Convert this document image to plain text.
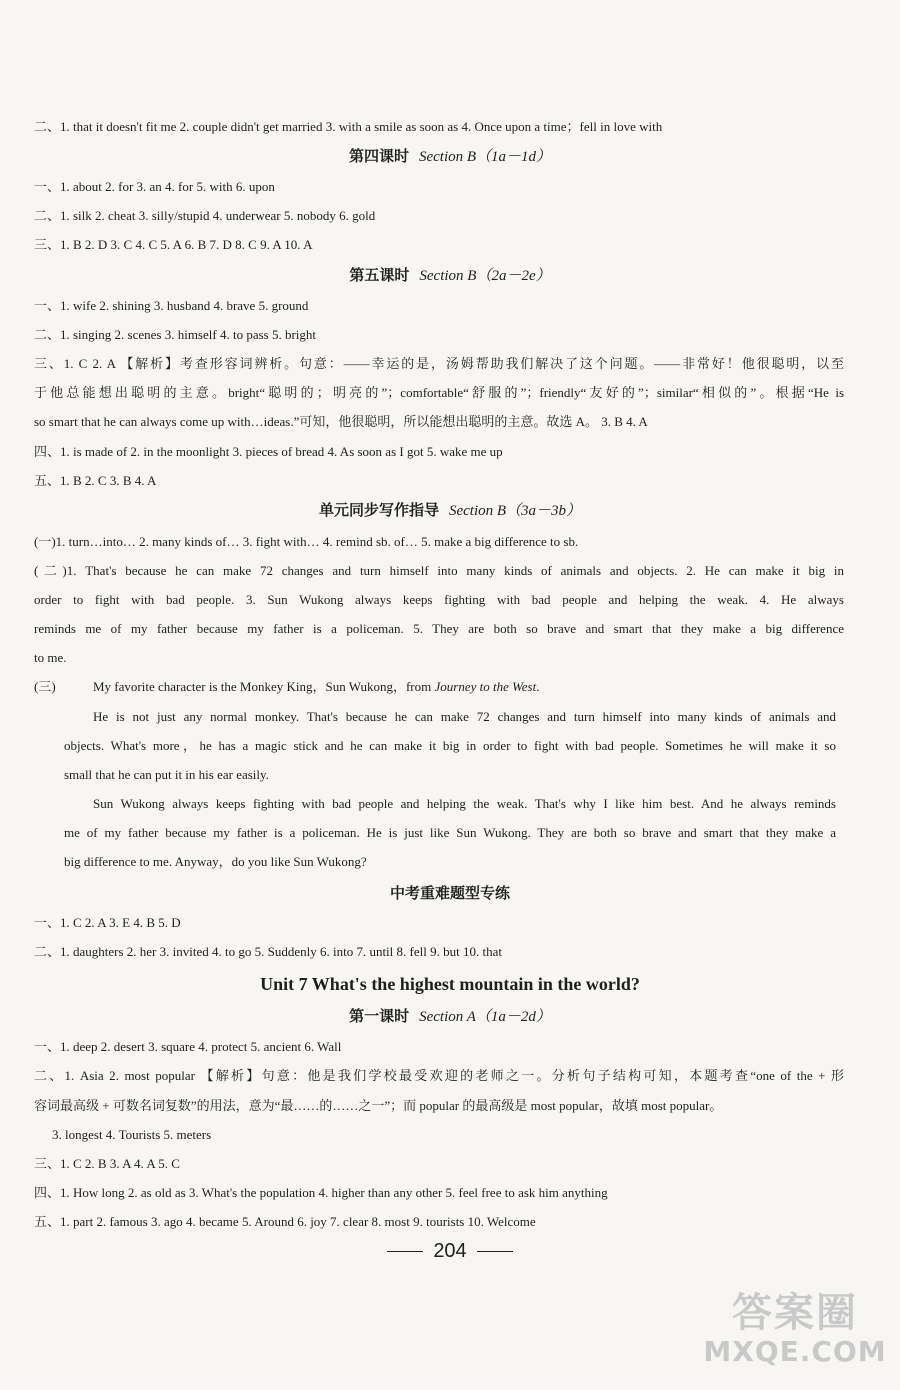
二、1. that it doesn't fit me 2. couple didn't get married 3. with a smile as soon as 4. Once upon a time；fell in love with
第四课时 Section B（1a－1d）
一、1. about 2. for 3. an 4. for 5. with 6. upon
二、1. silk 2. cheat 3. silly/stupid 4. underwear 5. nobody 6. gold
三、1. B 2. D 3. C 4. C 5. A 6. B 7. D 8. C 9. A 10. A
第五课时 Section B（2a－2e）
一、1. wife 2. shining 3. husband 4. brave 5. ground
二、1. singing 2. scenes 3. himself 4. to pass 5. bright
三、1. C 2. A 【解析】考查形容词辨析。句意：——幸运的是，汤姆帮助我们解决了这个问题。——非常好！他很聪明，以至
于他总能想出聪明的主意。bright“聪明的；明亮的”；comfortable“舒服的”；friendly“友好的”；similar“相似的”。根据“He is
so smart that he can always come up with…ideas.”可知，他很聪明，所以能想出聪明的主意。故选 A。 3. B 4. A
四、1. is made of 2. in the moonlight 3. pieces of bread 4. As soon as I got 5. wake me up
五、1. B 2. C 3. B 4. A
单元同步写作指导 Section B（3a－3b）
(一)1. turn…into… 2. many kinds of… 3. fight with… 4. remind sb. of… 5. make a big difference to sb.
(二)1. That's because he can make 72 changes and turn himself into many kinds of animals and objects. 2. He can make it big in
order to fight with bad people. 3. Sun Wukong always keeps fighting with bad people and helping the weak. 4. He always
reminds me of my father because my father is a policeman. 5. They are both so brave and smart that they make a big difference
to me.
(三)	My favorite character is the Monkey King，Sun Wukong，from Journey to the West.
He is not just any normal monkey. That's because he can make 72 changes and turn himself into many kinds of animals and
objects. What's more，he has a magic stick and he can make it big in order to fight with bad people. Sometimes he will make it so
small that he can put it in his ear easily.
Sun Wukong always keeps fighting with bad people and helping the weak. That's why I like him best. And he always reminds
me of my father because my father is a policeman. He is just like Sun Wukong. They are both so brave and smart that they make a
big difference to me. Anyway，do you like Sun Wukong?
中考重难题型专练
一、1. C 2. A 3. E 4. B 5. D
二、1. daughters 2. her 3. invited 4. to go 5. Suddenly 6. into 7. until 8. fell 9. but 10. that
Unit 7 What's the highest mountain in the world?
第一课时 Section A（1a－2d）
一、1. deep 2. desert 3. square 4. protect 5. ancient 6. Wall
二、1. Asia 2. most popular 【解析】句意：他是我们学校最受欢迎的老师之一。分析句子结构可知，本题考查“one of the + 形
容词最高级 + 可数名词复数”的用法，意为“最……的……之一”；而 popular 的最高级是 most popular，故填 most popular。
3. longest 4. Tourists 5. meters
三、1. C 2. B 3. A 4. A 5. C
四、1. How long 2. as old as 3. What's the population 4. higher than any other 5. feel free to ask him anything
五、1. part 2. famous 3. ago 4. became 5. Around 6. joy 7. clear 8. most 9. tourists 10. Welcome
204
答案圈
MXQE.COM
